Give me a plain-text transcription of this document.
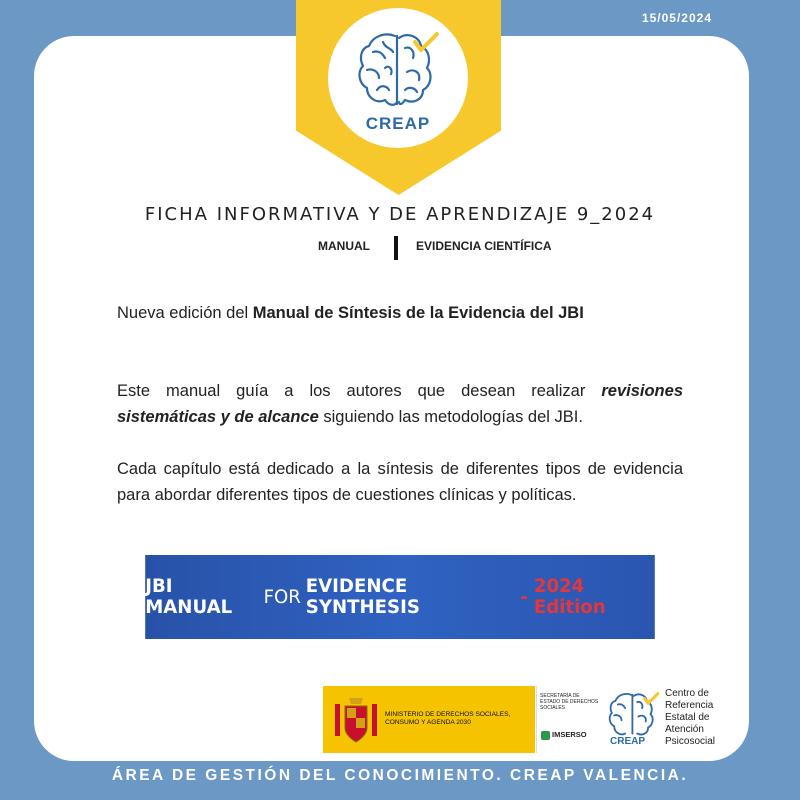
15/05/2024
CREAP
FICHA INFORMATIVA Y DE APRENDIZAJE 9_2024
MANUAL	EVIDENCIA CIENTÍFICA

Nueva edición del Manual de Síntesis de la Evidencia del JBI

Este manual guía a los autores que desean realizar revisiones sistemáticas y de alcance siguiendo las metodologías del JBI.

Cada capítulo está dedicado a la síntesis de diferentes tipos de evidencia para abordar diferentes tipos de cuestiones clínicas y políticas.

JBI MANUAL	FOR EVIDENCE SYNTHESIS	- 2024 Edition
MINISTERIO DE DERECHOS SOCIALES, CONSUMO Y AGENDA 2030
SECRETARÍA DE ESTADO DE DERECHOS SOCIALES
IMSERSO
CREAP
Centro de Referencia Estatal de Atención Psicosocial
ÁREA DE GESTIÓN DEL CONOCIMIENTO. CREAP VALENCIA.
